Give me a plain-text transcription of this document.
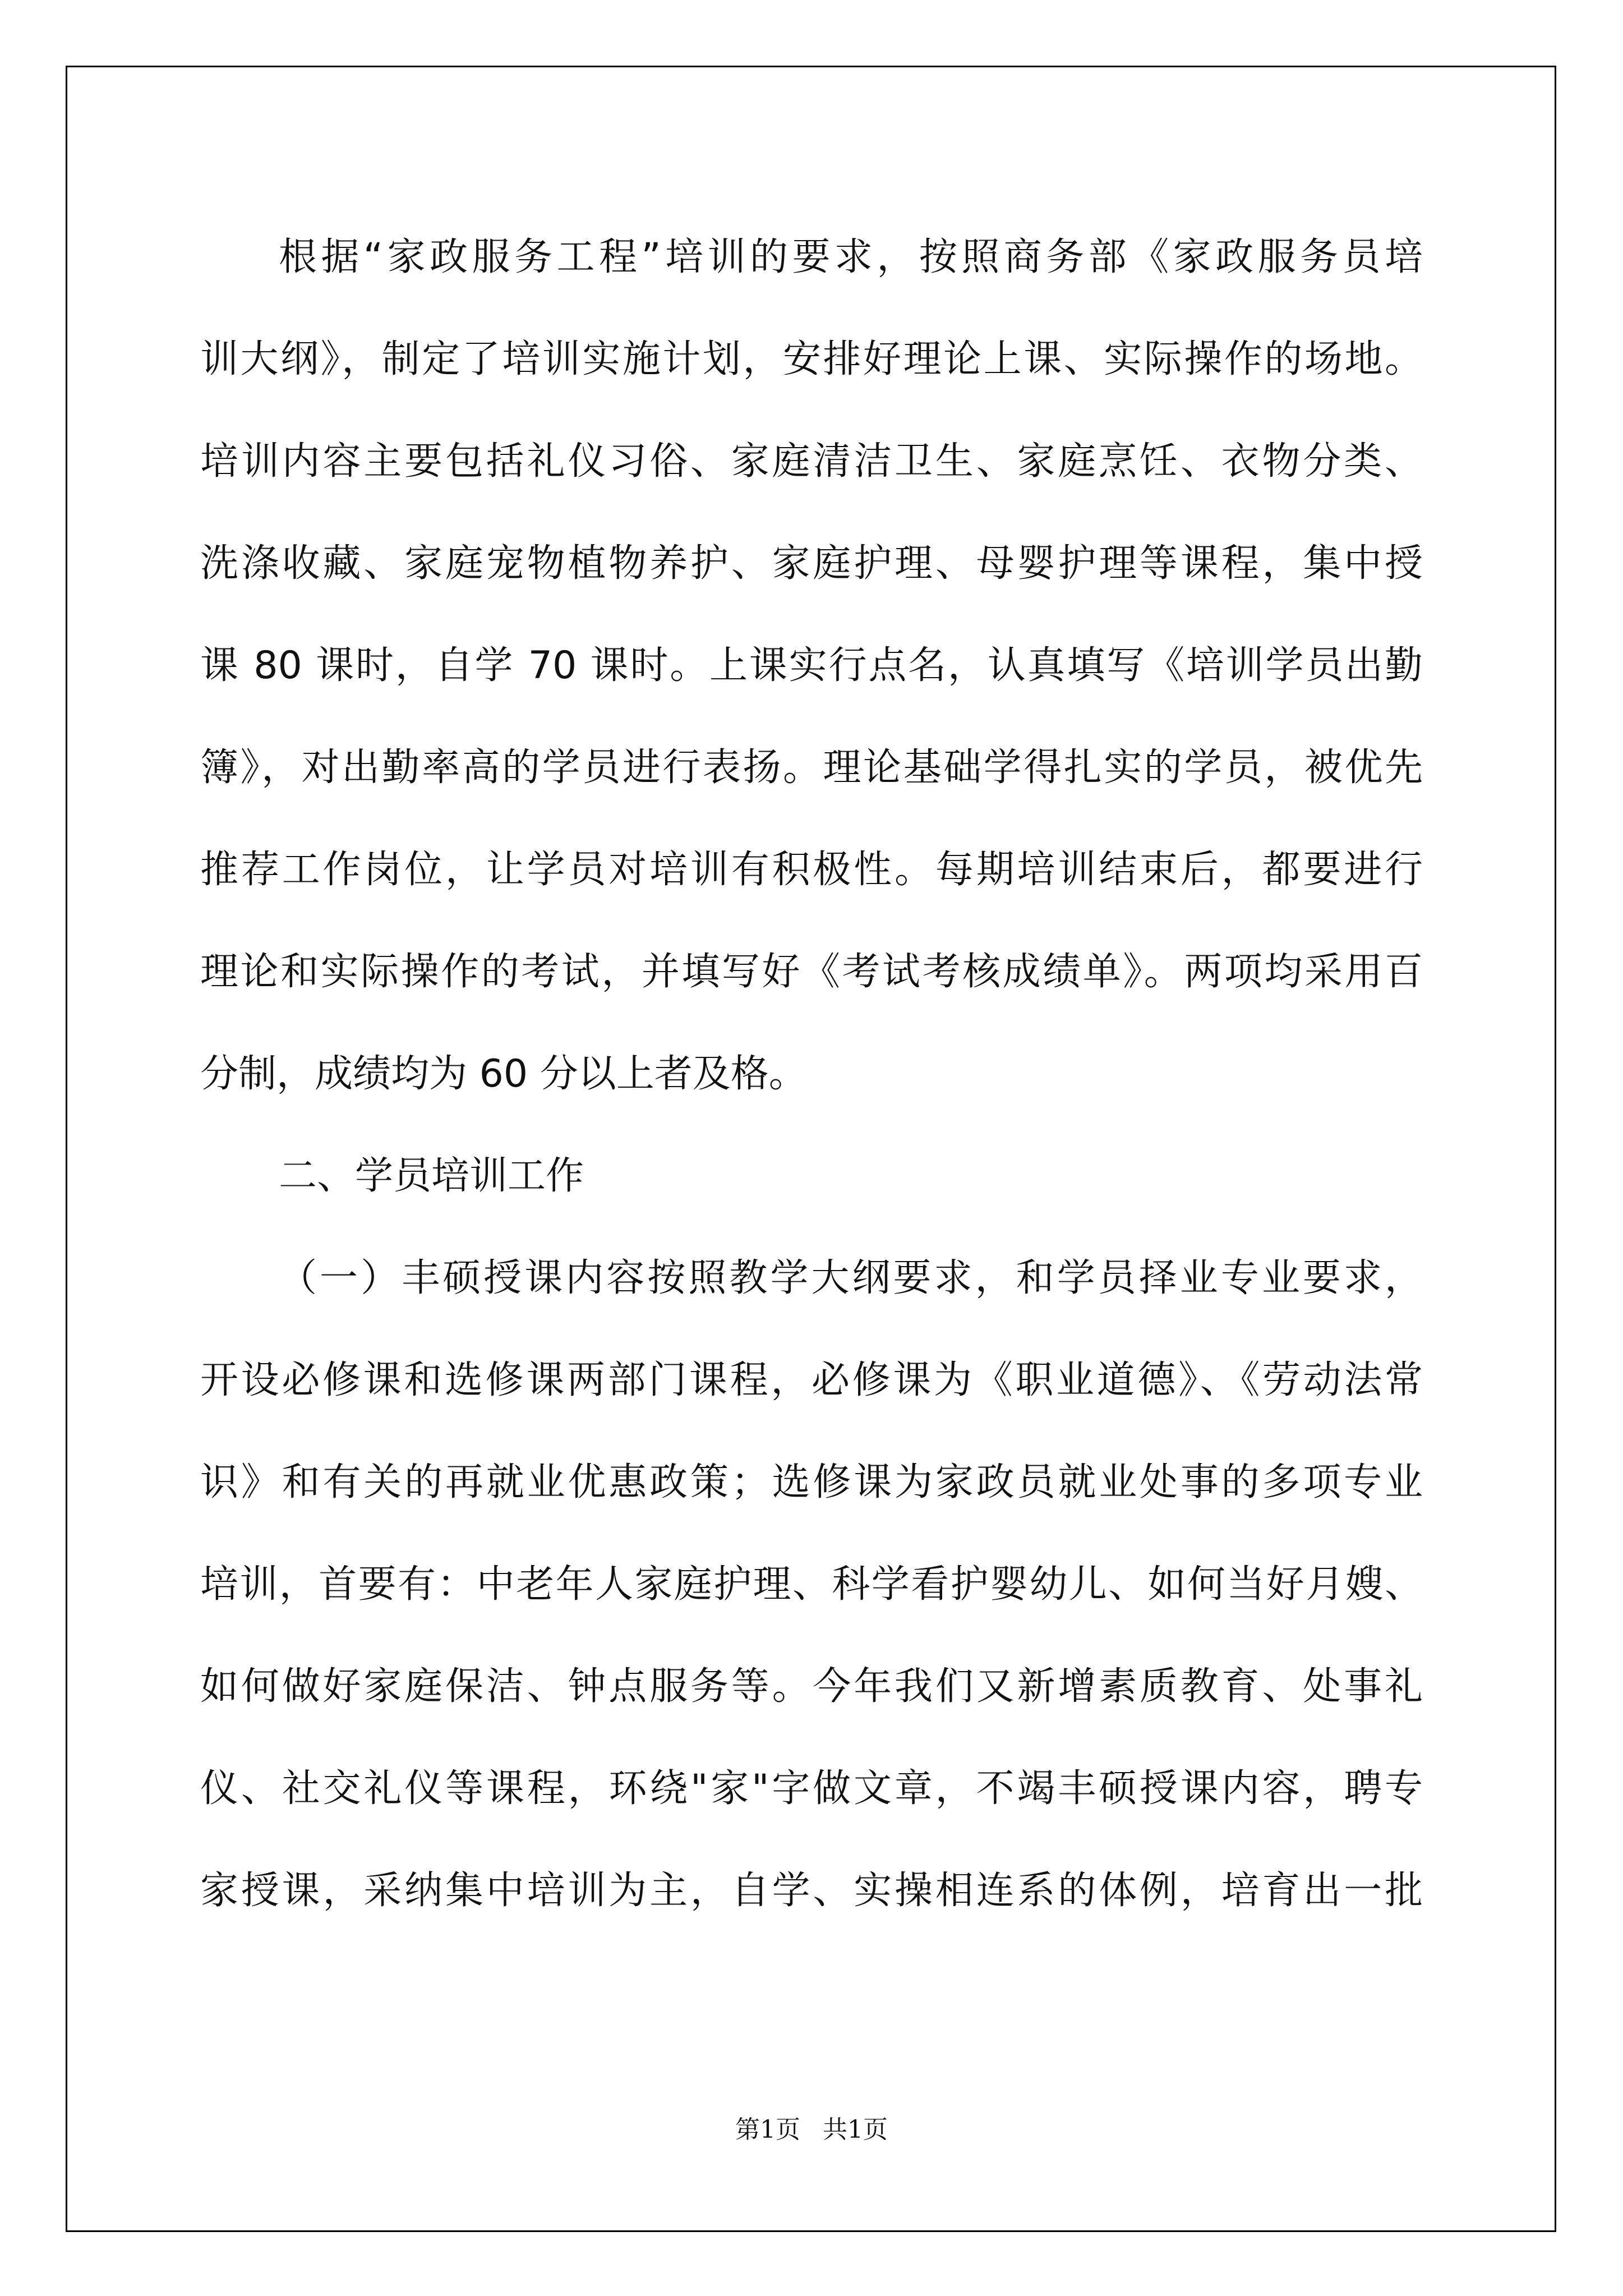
根据“家政服务工程”培训的要求，按照商务部《家政服务员培
训大纲》，制定了培训实施计划，安排好理论上课、实际操作的场地。
培训内容主要包括礼仪习俗、家庭清洁卫生、家庭烹饪、衣物分类、
洗涤收藏、家庭宠物植物养护、家庭护理、母婴护理等课程，集中授
课 80 课时，自学 70 课时。上课实行点名，认真填写《培训学员出勤
簿》，对出勤率高的学员进行表扬。理论基础学得扎实的学员，被优先
推荐工作岗位，让学员对培训有积极性。每期培训结束后，都要进行
理论和实际操作的考试，并填写好《考试考核成绩单》。两项均采用百
分制，成绩均为 60 分以上者及格。
二、学员培训工作
（一）丰硕授课内容按照教学大纲要求，和学员择业专业要求，
开设必修课和选修课两部门课程，必修课为《职业道德》、《劳动法常
识》和有关的再就业优惠政策；选修课为家政员就业处事的多项专业
培训，首要有：中老年人家庭护理、科学看护婴幼儿、如何当好月嫂、
如何做好家庭保洁、钟点服务等。今年我们又新增素质教育、处事礼
仪、社交礼仪等课程，环绕"家"字做文章，不竭丰硕授课内容，聘专
家授课，采纳集中培训为主，自学、实操相连系的体例，培育出一批
第1页 共1页
